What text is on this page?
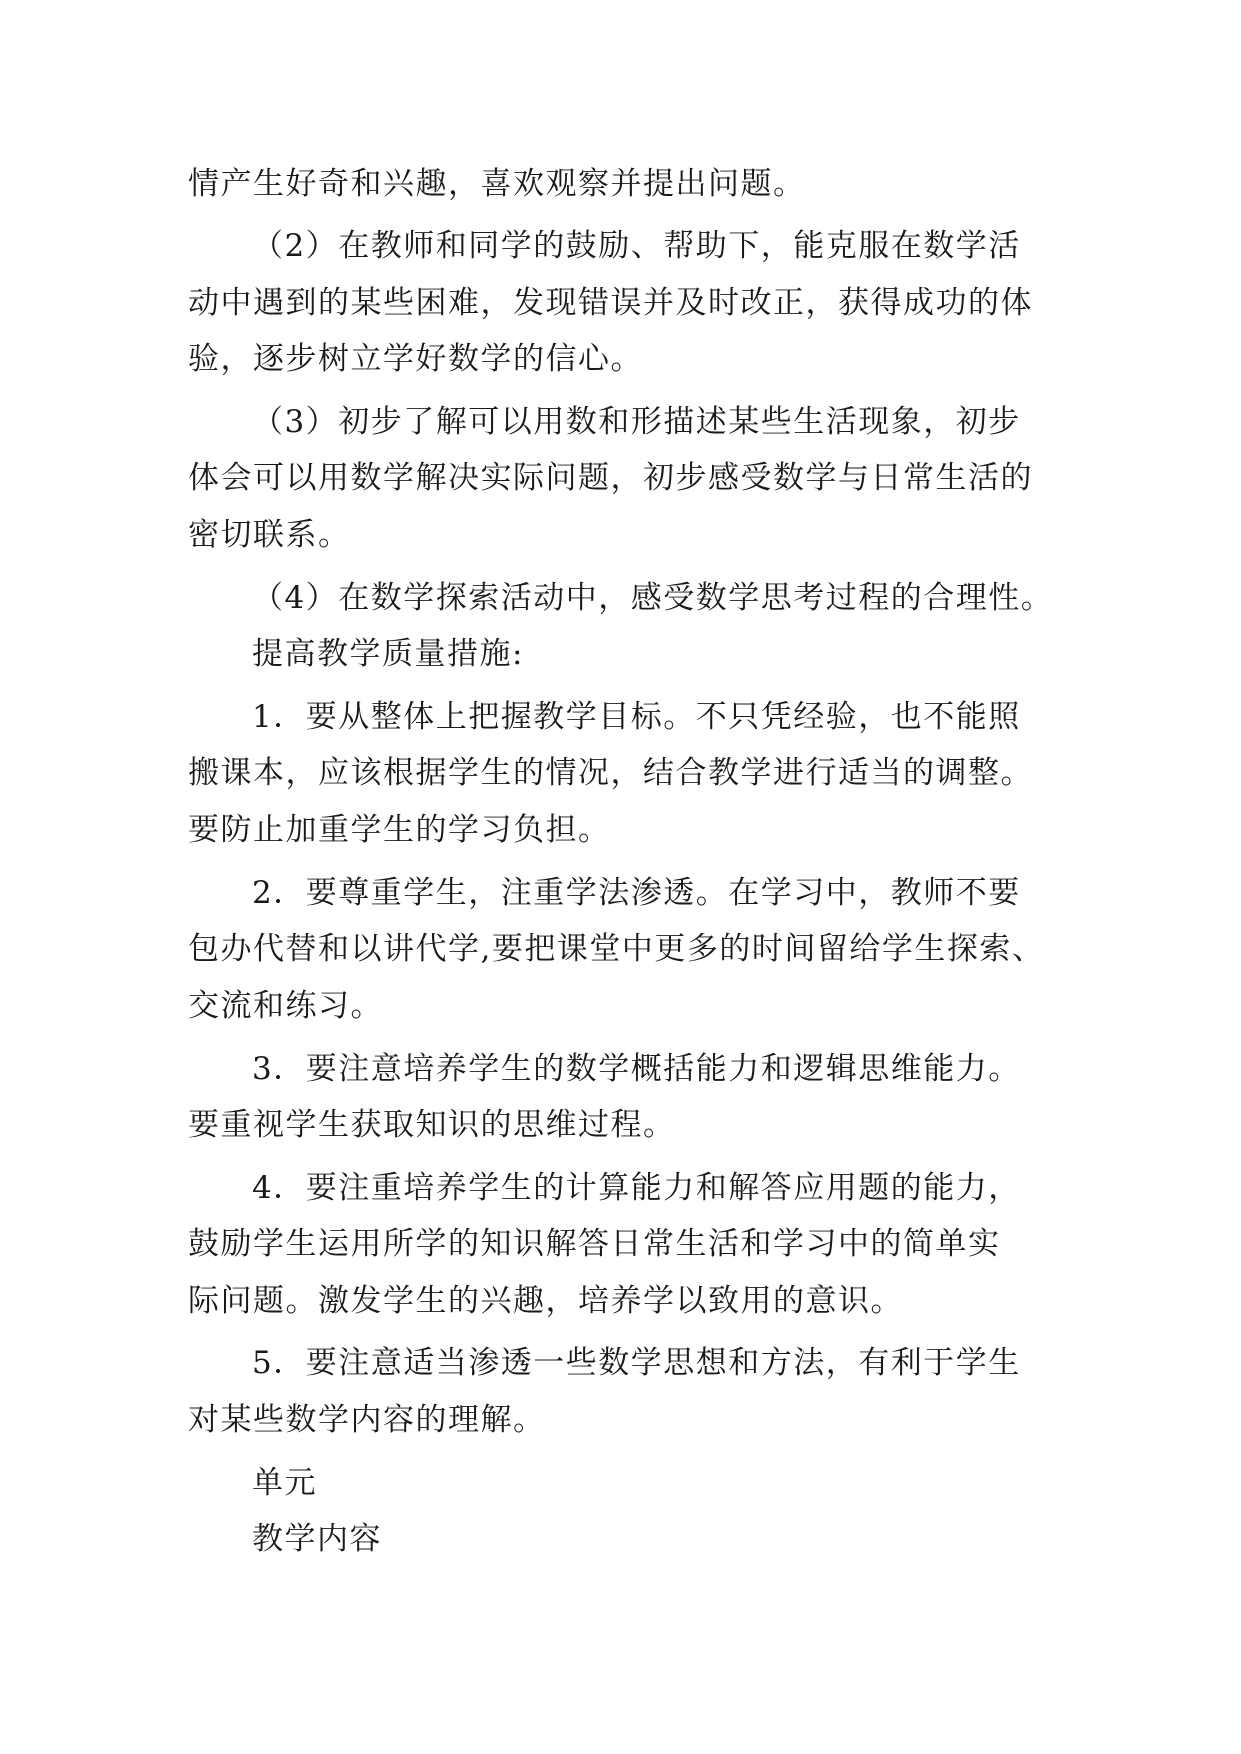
情产生好奇和兴趣，喜欢观察并提出问题。
（2）在教师和同学的鼓励、帮助下，能克服在数学活
动中遇到的某些困难，发现错误并及时改正，获得成功的体
验，逐步树立学好数学的信心。
（3）初步了解可以用数和形描述某些生活现象，初步
体会可以用数学解决实际问题，初步感受数学与日常生活的
密切联系。
（4）在数学探索活动中，感受数学思考过程的合理性。
提高教学质量措施:
1．要从整体上把握教学目标。不只凭经验，也不能照
搬课本，应该根据学生的情况，结合教学进行适当的调整。
要防止加重学生的学习负担。
2．要尊重学生，注重学法渗透。在学习中，教师不要
包办代替和以讲代学,要把课堂中更多的时间留给学生探索、
交流和练习。
3．要注意培养学生的数学概括能力和逻辑思维能力。
要重视学生获取知识的思维过程。
4．要注重培养学生的计算能力和解答应用题的能力，
鼓励学生运用所学的知识解答日常生活和学习中的简单实
际问题。激发学生的兴趣，培养学以致用的意识。
5．要注意适当渗透一些数学思想和方法，有利于学生
对某些数学内容的理解。
单元
教学内容
